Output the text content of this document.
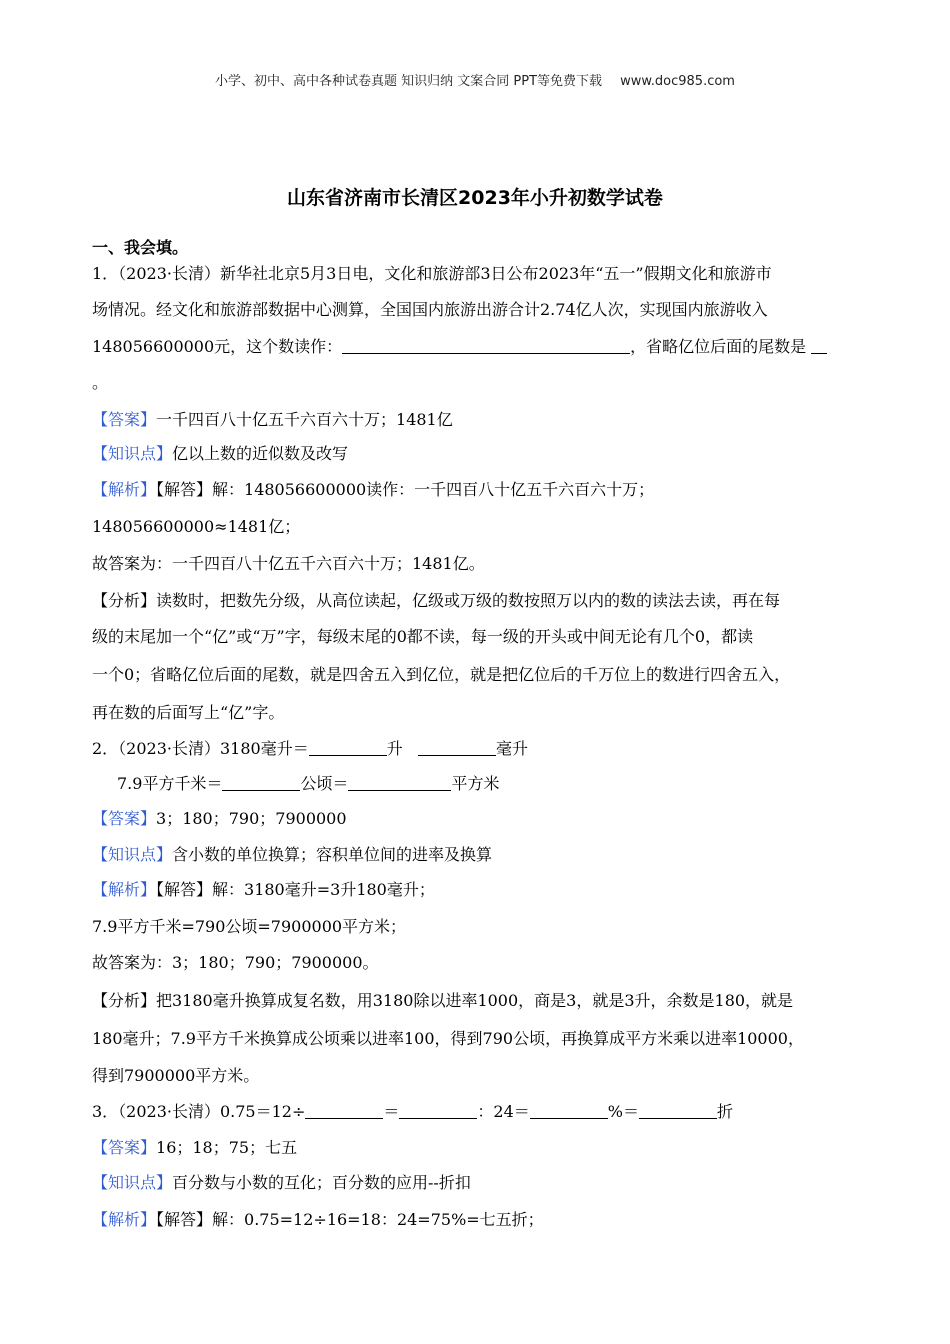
小学、初中、高中各种试卷真题 知识归纳 文案合同 PPT等免费下载 www.doc985.com
山东省济南市长清区2023年小升初数学试卷
一、我会填。
1．（2023·长清）新华社北京5月3日电，文化和旅游部3日公布2023年“五一”假期文化和旅游市
场情况。经文化和旅游部数据中心测算，全国国内旅游出游合计2.74亿人次，实现国内旅游收入
148056600000元，这个数读作：	，省略亿位后面的尾数是
。
【答案】一千四百八十亿五千六百六十万；1481亿
【知识点】亿以上数的近似数及改写
【解析】【解答】解：148056600000读作：一千四百八十亿五千六百六十万；
148056600000≈1481亿；
故答案为：一千四百八十亿五千六百六十万；1481亿。
【分析】读数时，把数先分级，从高位读起，亿级或万级的数按照万以内的数的读法去读，再在每
级的末尾加一个“亿”或“万”字，每级末尾的0都不读，每一级的开头或中间无论有几个0，都读
一个0；省略亿位后面的尾数，就是四舍五入到亿位，就是把亿位后的千万位上的数进行四舍五入，
再在数的后面写上“亿”字。
2．（2023·长清）3180毫升＝	升	毫升
7.9平方千米＝	公顷＝	平方米
【答案】3；180；790；7900000
【知识点】含小数的单位换算；容积单位间的进率及换算
【解析】【解答】解：3180毫升=3升180毫升；
7.9平方千米=790公顷=7900000平方米；
故答案为：3；180；790；7900000。
【分析】把3180毫升换算成复名数，用3180除以进率1000，商是3，就是3升，余数是180，就是
180毫升；7.9平方千米换算成公顷乘以进率100，得到790公顷，再换算成平方米乘以进率10000，
得到7900000平方米。
3．（2023·长清）0.75＝12÷	＝	：24＝	%＝	折
【答案】16；18；75；七五
【知识点】百分数与小数的互化；百分数的应用--折扣
【解析】【解答】解：0.75=12÷16=18：24=75%=七五折；
